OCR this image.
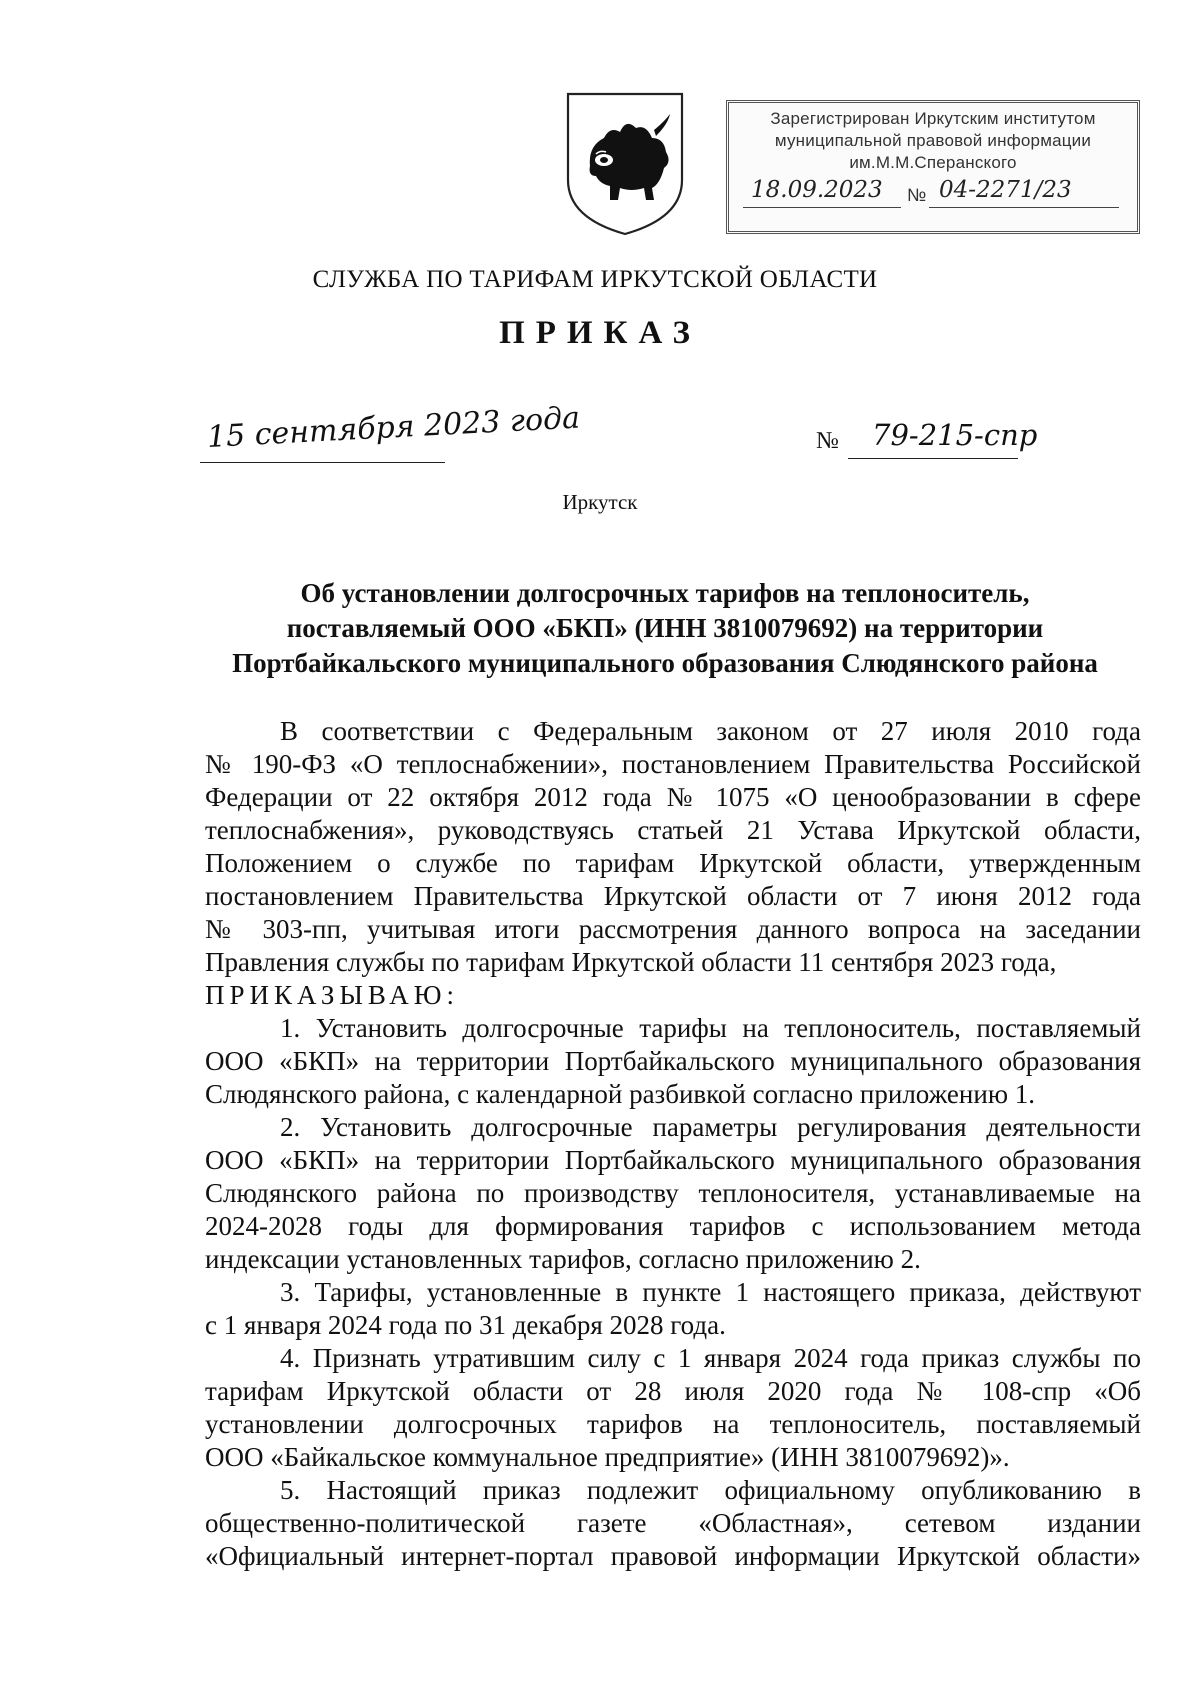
Зарегистрирован Иркутским институтом
муниципальной правовой информации
им.М.М.Сперанского
18.09.2023 № 04-2271/23
СЛУЖБА ПО ТАРИФАМ ИРКУТСКОЙ ОБЛАСТИ
ПРИКАЗ
15 сентября 2023 года	№ 79-215-спр
Иркутск
Об установлении долгосрочных тарифов на теплоноситель,
поставляемый ООО «БКП» (ИНН 3810079692) на территории
Портбайкальского муниципального образования Слюдянского района
В соответствии с Федеральным законом от 27 июля 2010 года
№ 190-ФЗ «О теплоснабжении», постановлением Правительства Российской
Федерации от 22 октября 2012 года № 1075 «О ценообразовании в сфере
теплоснабжения», руководствуясь статьей 21 Устава Иркутской области,
Положением о службе по тарифам Иркутской области, утвержденным
постановлением Правительства Иркутской области от 7 июня 2012 года
№ 303-пп, учитывая итоги рассмотрения данного вопроса на заседании
Правления службы по тарифам Иркутской области 11 сентября 2023 года,
ПРИКАЗЫВАЮ:
1. Установить долгосрочные тарифы на теплоноситель, поставляемый
ООО «БКП» на территории Портбайкальского муниципального образования
Слюдянского района, с календарной разбивкой согласно приложению 1.
2. Установить долгосрочные параметры регулирования деятельности
ООО «БКП» на территории Портбайкальского муниципального образования
Слюдянского района по производству теплоносителя, устанавливаемые на
2024-2028 годы для формирования тарифов с использованием метода
индексации установленных тарифов, согласно приложению 2.
3. Тарифы, установленные в пункте 1 настоящего приказа, действуют
с 1 января 2024 года по 31 декабря 2028 года.
4. Признать утратившим силу с 1 января 2024 года приказ службы по
тарифам Иркутской области от 28 июля 2020 года № 108-спр «Об
установлении долгосрочных тарифов на теплоноситель, поставляемый
ООО «Байкальское коммунальное предприятие» (ИНН 3810079692)».
5. Настоящий приказ подлежит официальному опубликованию в
общественно-политической газете «Областная», сетевом издании
«Официальный интернет-портал правовой информации Иркутской области»
